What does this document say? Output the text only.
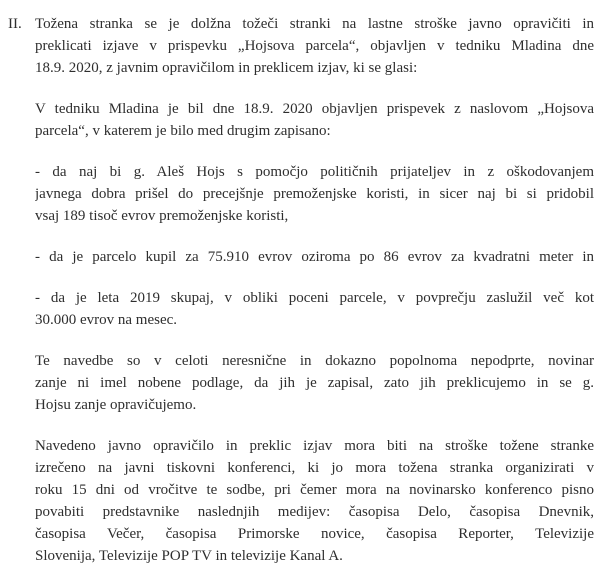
II. Tožena stranka se je dolžna tožeči stranki na lastne stroške javno opravičiti in
preklicati izjave v prispevku „Hojsova parcela“, objavljen v tedniku Mladina dne
18.9. 2020, z javnim opravičilom in preklicem izjav, ki se glasi:

V tedniku Mladina je bil dne 18.9. 2020 objavljen prispevek z naslovom „Hojsova
parcela“, v katerem je bilo med drugim zapisano:

- da naj bi g. Aleš Hojs s pomočjo političnih prijateljev in z oškodovanjem
javnega dobra prišel do precejšnje premoženjske koristi, in sicer naj bi si pridobil
vsaj 189 tisoč evrov premoženjske koristi,

- da je parcelo kupil za 75.910 evrov oziroma po 86 evrov za kvadratni meter in

- da je leta 2019 skupaj, v obliki poceni parcele, v povprečju zaslužil več kot
30.000 evrov na mesec.

Te navedbe so v celoti neresnične in dokazno popolnoma nepodprte, novinar
zanje ni imel nobene podlage, da jih je zapisal, zato jih preklicujemo in se g.
Hojsu zanje opravičujemo.

Navedeno javno opravičilo in preklic izjav mora biti na stroške tožene stranke
izrečeno na javni tiskovni konferenci, ki jo mora tožena stranka organizirati v
roku 15 dni od vročitve te sodbe, pri čemer mora na novinarsko konferenco pisno
povabiti predstavnike naslednjih medijev: časopisa Delo, časopisa Dnevnik,
časopisa Večer, časopisa Primorske novice, časopisa Reporter, Televizije
Slovenija, Televizije POP TV in televizije Kanal A.
